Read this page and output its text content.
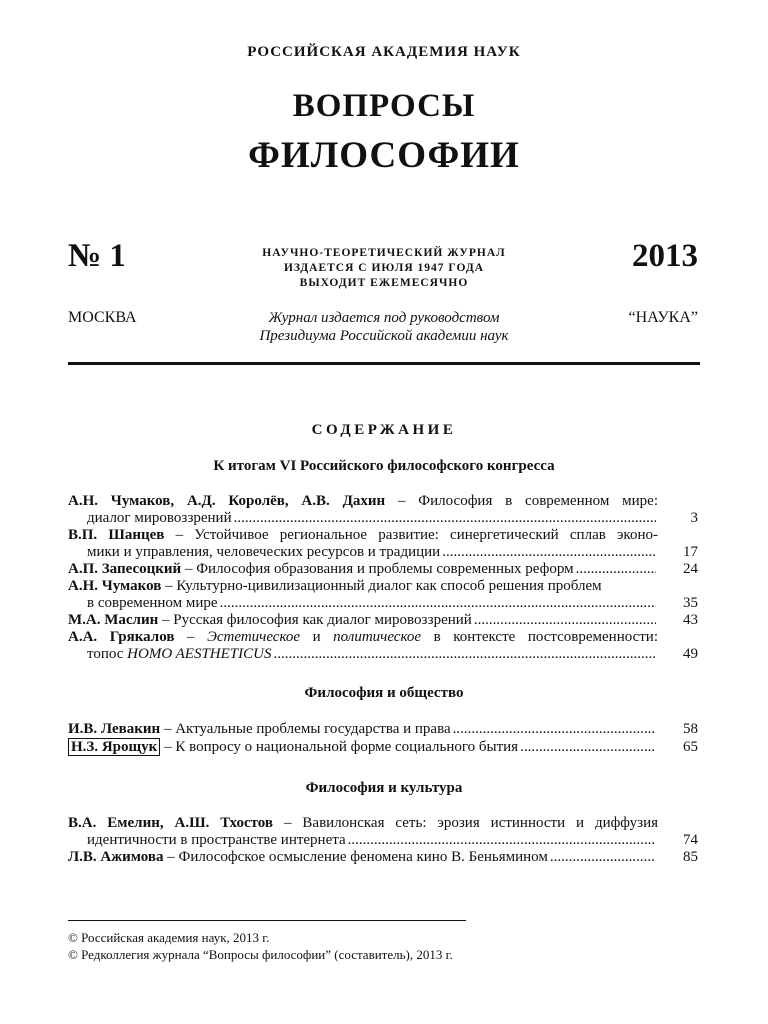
РОССИЙСКАЯ АКАДЕМИЯ НАУК
ВОПРОСЫ
ФИЛОСОФИИ
№ 1	НАУЧНО-ТЕОРЕТИЧЕСКИЙ ЖУРНАЛ
ИЗДАЕТСЯ С ИЮЛЯ 1947 ГОДА
ВЫХОДИТ ЕЖЕМЕСЯЧНО
2013
МОСКВА	Журнал издается под руководством
Президиума Российской академии наук
“НАУКА”
СОДЕРЖАНИЕ
К итогам VI Российского философского конгресса
А.Н. Чумаков, А.Д. Королёв, А.В. Дахин – Философия в современном мире:
диалог мировоззрений .....	3
В.П. Шанцев – Устойчивое региональное развитие: синергетический сплав эконо-
мики и управления, человеческих ресурсов и традиции .....	17
А.П. Запесоцкий – Философия образования и проблемы современных реформ .....	24
А.Н. Чумаков – Культурно-цивилизационный диалог как способ решения проблем
в современном мире .....	35
М.А. Маслин – Русская философия как диалог мировоззрений .....	43
А.А. Грякалов – Эстетическое и политическое в контексте постсовременности:
топос HOMO AESTHETICUS .....	49
Философия и общество
И.В. Левакин – Актуальные проблемы государства и права .....	58
Н.З. Ярощук – К вопросу о национальной форме социального бытия .....	65
Философия и культура
В.А. Емелин, А.Ш. Тхостов – Вавилонская сеть: эрозия истинности и диффузия
идентичности в пространстве интернета .....	74
Л.В. Ажимова – Философское осмысление феномена кино В. Беньямином .....	85
© Российская академия наук, 2013 г.
© Редколлегия журнала “Вопросы философии” (составитель), 2013 г.
